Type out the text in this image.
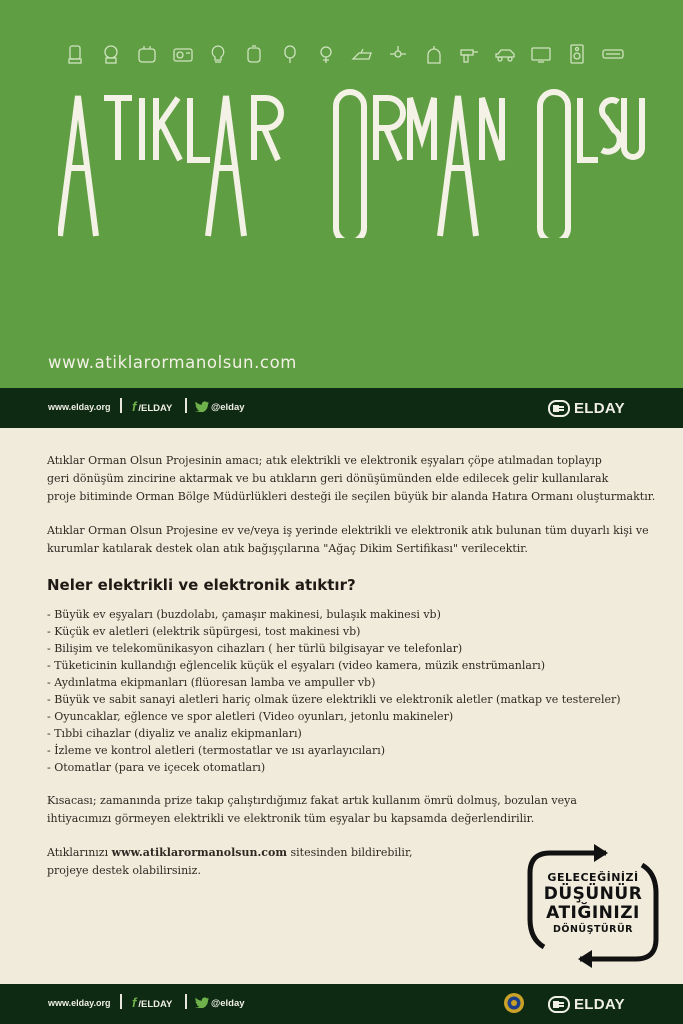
www.atiklarormanolsun.com
www.elday.org f /ELDAY	@elday	ELDAY
Atıklar Orman Olsun Projesinin amacı; atık elektrikli ve elektronik eşyaları çöpe atılmadan toplayıp
geri dönüşüm zincirine aktarmak ve bu atıkların geri dönüşümünden elde edilecek gelir kullanılarak
proje bitiminde Orman Bölge Müdürlükleri desteği ile seçilen büyük bir alanda Hatıra Ormanı oluşturmaktır.
Atıklar Orman Olsun Projesine ev ve/veya iş yerinde elektrikli ve elektronik atık bulunan tüm duyarlı kişi ve
kurumlar katılarak destek olan atık bağışçılarına "Ağaç Dikim Sertifikası" verilecektir.
Neler elektrikli ve elektronik atıktır?
- Büyük ev eşyaları (buzdolabı, çamaşır makinesi, bulaşık makinesi vb)
- Küçük ev aletleri (elektrik süpürgesi, tost makinesi vb)
- Bilişim ve telekomünikasyon cihazları ( her türlü bilgisayar ve telefonlar)
- Tüketicinin kullandığı eğlencelik küçük el eşyaları (video kamera, müzik enstrümanları)
- Aydınlatma ekipmanları (flüoresan lamba ve ampuller vb)
- Büyük ve sabit sanayi aletleri hariç olmak üzere elektrikli ve elektronik aletler (matkap ve testereler)
- Oyuncaklar, eğlence ve spor aletleri (Video oyunları, jetonlu makineler)
- Tıbbi cihazlar (diyaliz ve analiz ekipmanları)
- İzleme ve kontrol aletleri (termostatlar ve ısı ayarlayıcıları)
- Otomatlar (para ve içecek otomatları)
Kısacası; zamanında prize takıp çalıştırdığımız fakat artık kullanım ömrü dolmuş, bozulan veya
ihtiyacımızı görmeyen elektrikli ve elektronik tüm eşyalar bu kapsamda değerlendirilir.
Atıklarınızı www.atiklarormanolsun.com sitesinden bildirebilir,
projeye destek olabilirsiniz.
GELECEĞİNİZİ
DÜŞÜNÜR
ATIĞINIZI
DÖNÜŞTÜRÜR
www.elday.org f /ELDAY	@elday	ELDAY
